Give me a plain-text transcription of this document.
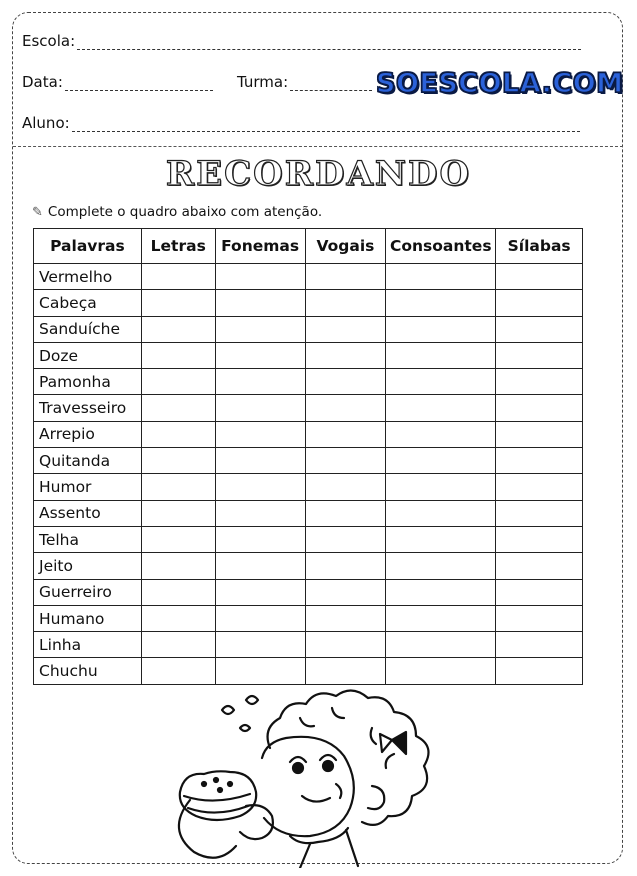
Escola:
Data:	Turma:	SOESCOLA.COM
Aluno:
RECORDANDO
✎ Complete o quadro abaixo com atenção.
Palavras	Letras	Fonemas	Vogais	Consoantes	Sílabas
Vermelho					
Cabeça					
Sanduíche					
Doze					
Pamonha					
Travesseiro					
Arrepio					
Quitanda					
Humor					
Assento					
Telha					
Jeito					
Guerreiro					
Humano					
Linha					
Chuchu					
